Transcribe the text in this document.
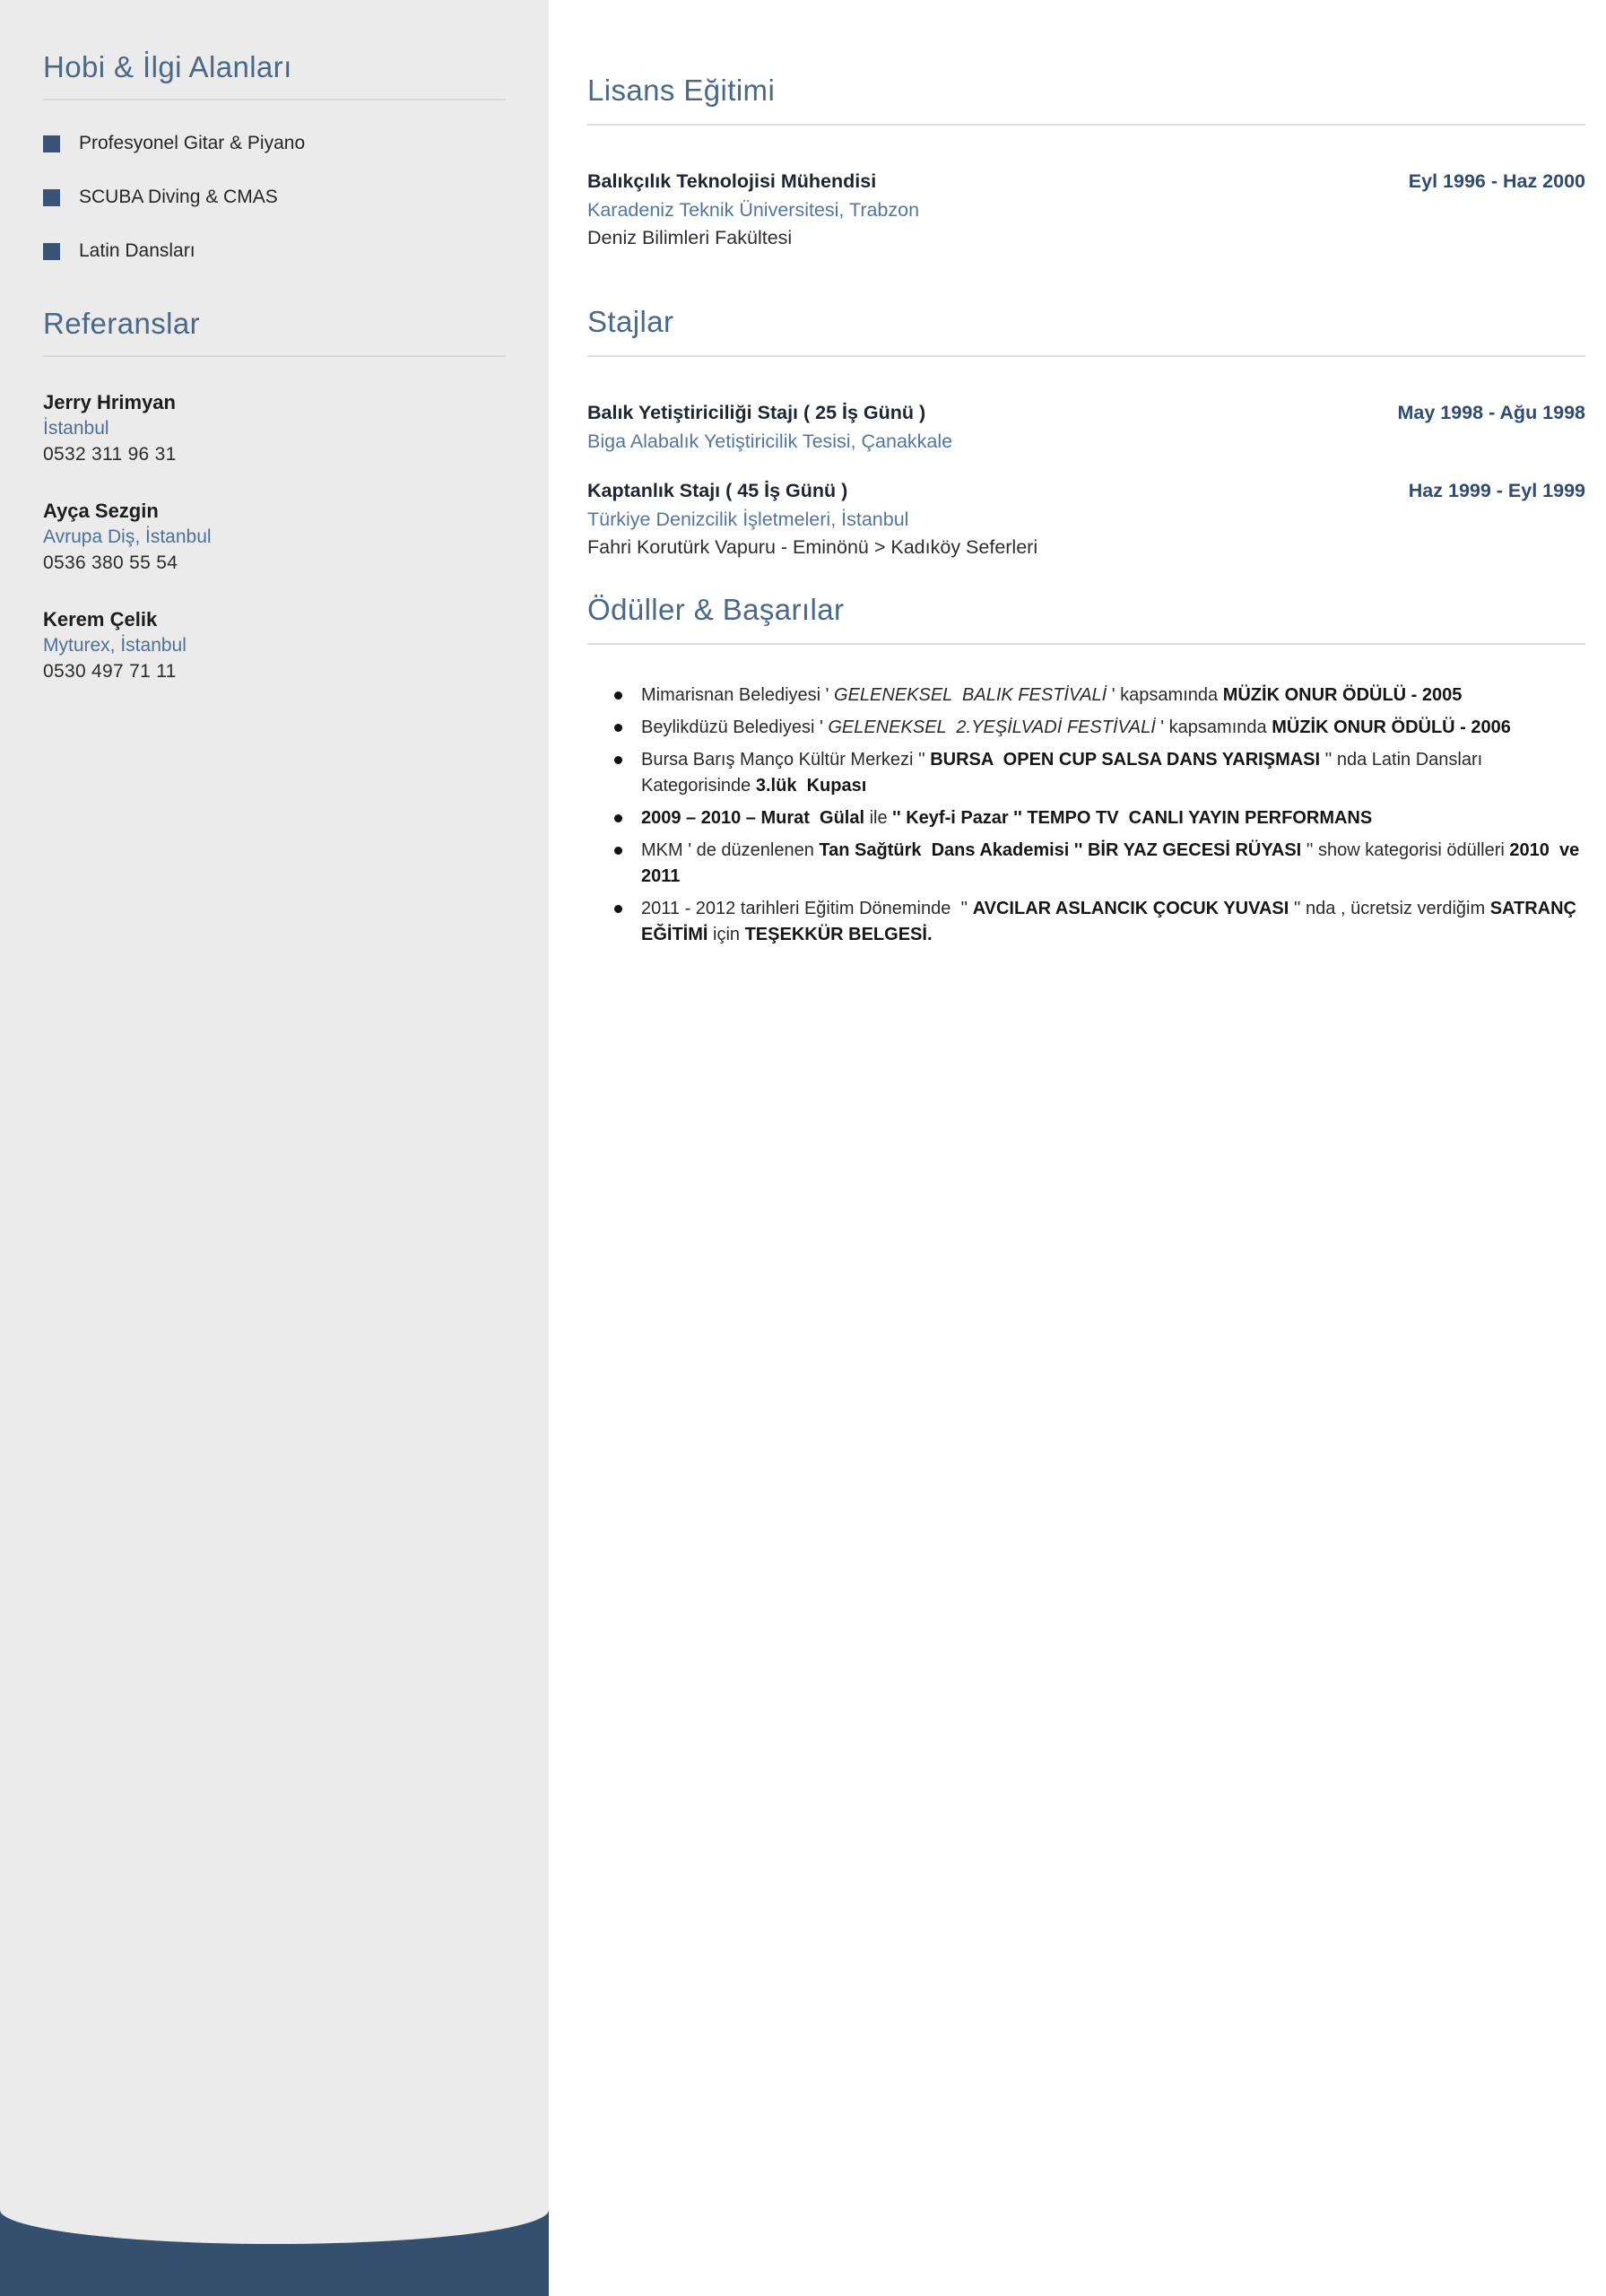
Hobi & İlgi Alanları
Profesyonel Gitar & Piyano
SCUBA Diving & CMAS
Latin Dansları
Referanslar
Jerry Hrimyan
İstanbul
0532 311 96 31
Ayça Sezgin
Avrupa Diş, İstanbul
0536 380 55 54
Kerem Çelik
Myturex, İstanbul
0530 497 71 11
Lisans Eğitimi
Balıkçılık Teknolojisi Mühendisi	Eyl 1996 - Haz 2000
Karadeniz Teknik Üniversitesi, Trabzon
Deniz Bilimleri Fakültesi
Stajlar
Balık Yetiştiriciliği Stajı ( 25 İş Günü )	May 1998 - Ağu 1998
Biga Alabalık Yetiştiricilik Tesisi, Çanakkale
Kaptanlık Stajı ( 45 İş Günü )	Haz 1999 - Eyl 1999
Türkiye Denizcilik İşletmeleri, İstanbul
Fahri Korutürk Vapuru - Eminönü > Kadıköy Seferleri
Ödüller & Başarılar
Mimarisnan Belediyesi ' GELENEKSEL  BALIK FESTİVALİ ' kapsamında MÜZİK ONUR ÖDÜLÜ - 2005
Beylikdüzü Belediyesi ' GELENEKSEL  2.YEŞİLVADİ FESTİVALİ ' kapsamında MÜZİK ONUR ÖDÜLÜ - 2006
Bursa Barış Manço Kültür Merkezi '' BURSA  OPEN CUP SALSA DANS YARIŞMASI '' nda Latin Dansları Kategorisinde 3.lük  Kupası
2009 – 2010 – Murat  Gülal ile '' Keyf-i Pazar '' TEMPO TV  CANLI YAYIN PERFORMANS
MKM ' de düzenlenen Tan Sağtürk  Dans Akademisi '' BİR YAZ GECESİ RÜYASI '' show kategorisi ödülleri 2010  ve 2011
2011 - 2012 tarihleri Eğitim Döneminde  '' AVCILAR ASLANCIK ÇOCUK YUVASI '' nda , ücretsiz verdiğim SATRANÇ  EĞİTİMİ için TEŞEKKÜR BELGESİ.
